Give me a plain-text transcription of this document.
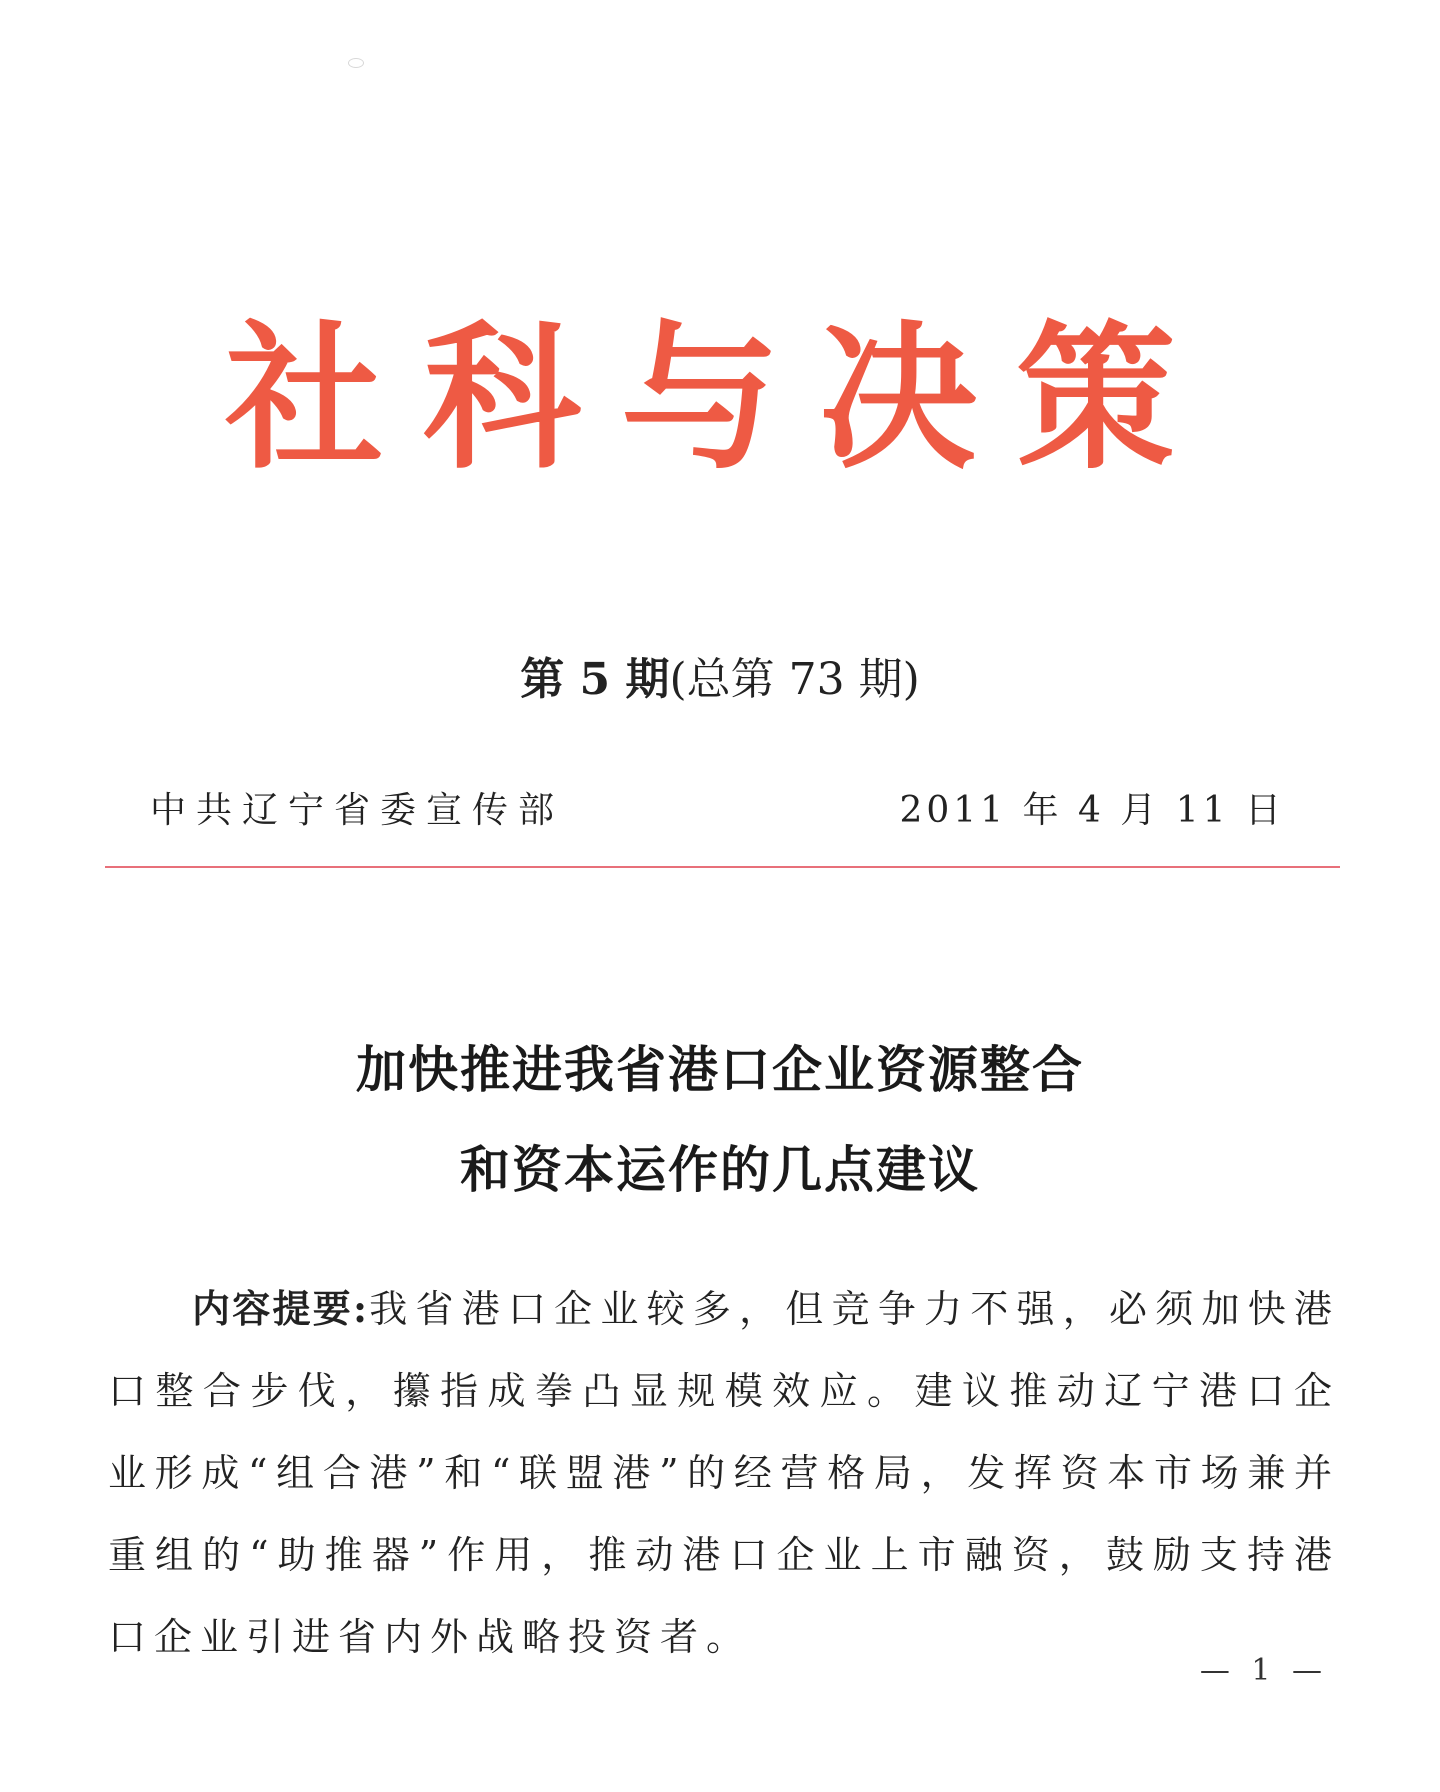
社科与决策
第 5 期(总第 73 期)
中共辽宁省委宣传部	2011 年 4 月 11 日
加快推进我省港口企业资源整合
和资本运作的几点建议
内容提要:我省港口企业较多，但竞争力不强，必须加快港口整合步伐，攥指成拳凸显规模效应。建议推动辽宁港口企业形成“组合港”和“联盟港”的经营格局，发挥资本市场兼并重组的“助推器”作用，推动港口企业上市融资，鼓励支持港口企业引进省内外战略投资者。
— 1 —
